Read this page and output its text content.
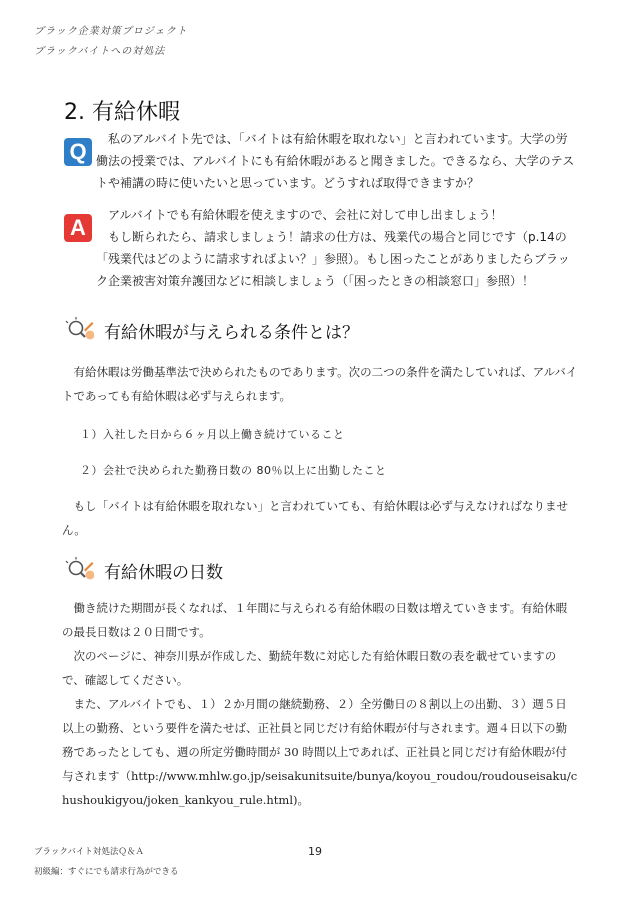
ブラック企業対策プロジェクト
ブラックバイトへの対処法
2. 有給休暇
Q 　私のアルバイト先では、「バイトは有給休暇を取れない」と言われています。大学の労働法の授業では、アルバイトにも有給休暇があると聞きました。できるなら、大学のテストや補講の時に使いたいと思っています。どうすれば取得できますか？

A 　アルバイトでも有給休暇を使えますので、会社に対して申し出ましょう！

　もし断られたら、請求しましょう！請求の仕方は、残業代の場合と同じです（p.14の「残業代はどのように請求すればよい？」参照）。もし困ったことがありましたらブラック企業被害対策弁護団などに相談しましょう（「困ったときの相談窓口」参照）！

有給休暇が与えられる条件とは？

　有給休暇は労働基準法で決められたものであります。次の二つの条件を満たしていれば、アルバイトであっても有給休暇は必ず与えられます。

１）入社した日から６ヶ月以上働き続けていること
２）会社で決められた勤務日数の 80％以上に出勤したこと

　もし「バイトは有給休暇を取れない」と言われていても、有給休暇は必ず与えなければなりません。

有給休暇の日数

　働き続けた期間が長くなれば、１年間に与えられる有給休暇の日数は増えていきます。有給休暇の最長日数は２０日間です。

　次のページに、神奈川県が作成した、勤続年数に対応した有給休暇日数の表を載せていますので、確認してください。

　また、アルバイトでも、１）２か月間の継続勤務、２）全労働日の８割以上の出勤、３）週５日以上の勤務、という要件を満たせば、正社員と同じだけ有給休暇が付与されます。週４日以下の勤務であったとしても、週の所定労働時間が 30 時間以上であれば、正社員と同じだけ有給休暇が付与されます（http://www.mhlw.go.jp/seisakunitsuite/bunya/koyou_roudou/roudouseisaku/chushoukigyou/joken_kankyou_rule.html)。

ブラックバイト対処法Ｑ＆Ａ
初級編：すぐにでも請求行為ができる
19
